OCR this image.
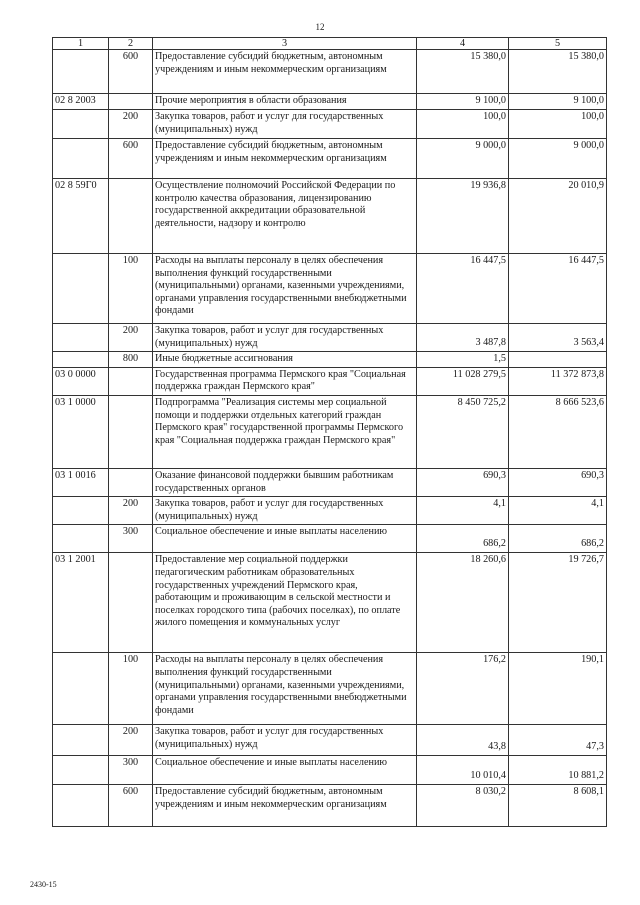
12
1	2	3	4	5
	600	Предоставление субсидий бюджетным, автономным учреждениям и иным некоммерческим организациям	15 380,0	15 380,0
02 8 2003		Прочие мероприятия в области образования	9 100,0	9 100,0
	200	Закупка товаров, работ и услуг для государственных (муниципальных) нужд	100,0	100,0
	600	Предоставление субсидий бюджетным, автономным учреждениям и иным некоммерческим организациям	9 000,0	9 000,0
02 8 59Г0		Осуществление полномочий Российской Федерации по контролю качества образования, лицензированию государственной аккредитации образовательной деятельности, надзору и контролю	19 936,8	20 010,9
	100	Расходы на выплаты персоналу в целях обеспечения выполнения функций государственными (муниципальными) органами, казенными учреждениями, органами управления государственными внебюджетными фондами	16 447,5	16 447,5
	200	Закупка товаров, работ и услуг для государственных (муниципальных) нужд	3 487,8	3 563,4
	800	Иные бюджетные ассигнования	1,5	
03 0 0000		Государственная программа Пермского края "Социальная поддержка граждан Пермского края"	11 028 279,5	11 372 873,8
03 1 0000		Подпрограмма "Реализация системы мер социальной помощи и поддержки отдельных категорий граждан Пермского края" государственной программы Пермского края "Социальная поддержка граждан Пермского края"	8 450 725,2	8 666 523,6
03 1 0016		Оказание финансовой поддержки бывшим работникам государственных органов	690,3	690,3
	200	Закупка товаров, работ и услуг для государственных (муниципальных) нужд	4,1	4,1
	300	Социальное обеспечение и иные выплаты населению	686,2	686,2
03 1 2001		Предоставление мер социальной поддержки педагогическим работникам образовательных государственных учреждений Пермского края, работающим и проживающим в сельской местности и поселках городского типа (рабочих поселках), по оплате жилого помещения и коммунальных услуг	18 260,6	19 726,7
	100	Расходы на выплаты персоналу в целях обеспечения выполнения функций государственными (муниципальными) органами, казенными учреждениями, органами управления государственными внебюджетными фондами	176,2	190,1
	200	Закупка товаров, работ и услуг для государственных (муниципальных) нужд	43,8	47,3
	300	Социальное обеспечение и иные выплаты населению	10 010,4	10 881,2
	600	Предоставление субсидий бюджетным, автономным учреждениям и иным некоммерческим организациям	8 030,2	8 608,1
2430-15
